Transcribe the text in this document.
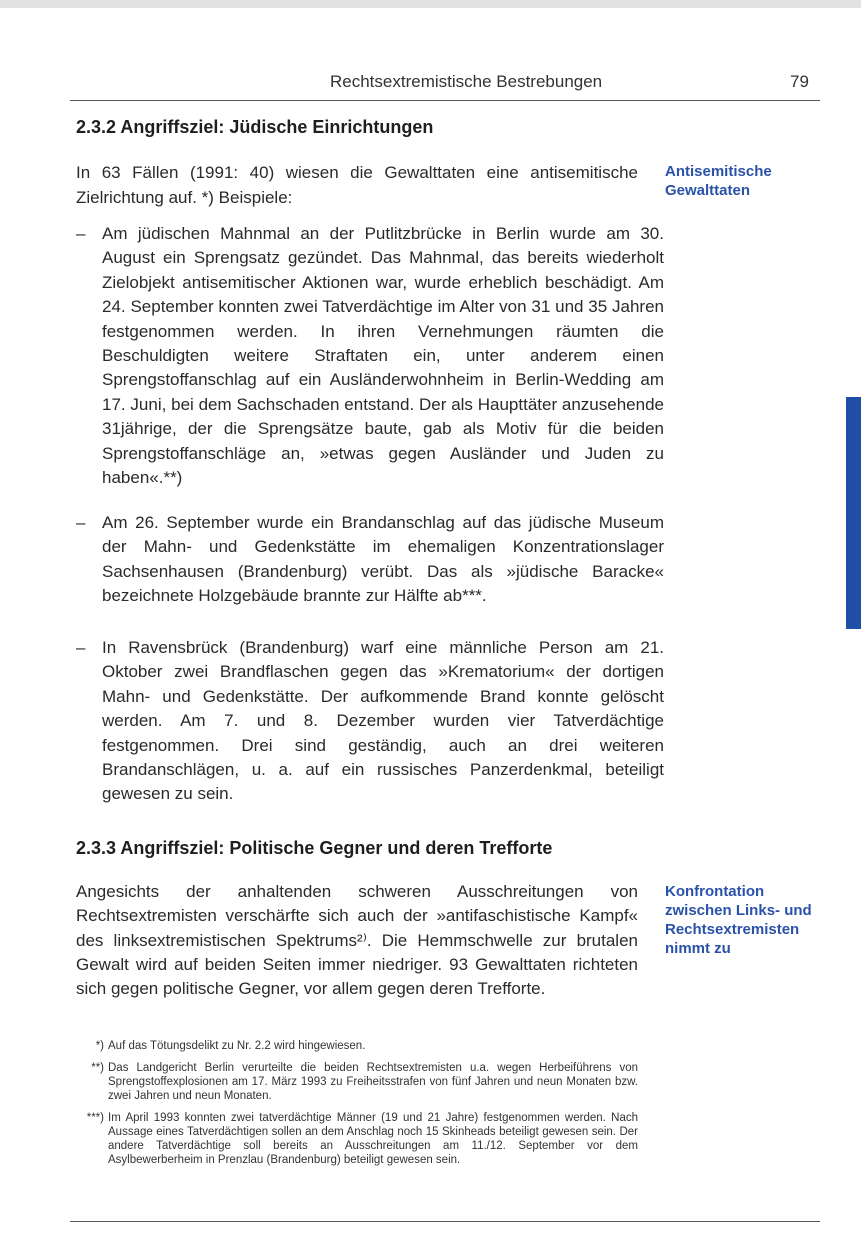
Rechtsextremistische Bestrebungen	79
2.3.2 Angriffsziel: Jüdische Einrichtungen

In 63 Fällen (1991: 40) wiesen die Gewalttaten eine antisemitische Zielrichtung auf. *) Beispiele:

Antisemitische Gewalttaten

– Am jüdischen Mahnmal an der Putlitzbrücke in Berlin wurde am 30. August ein Sprengsatz gezündet. Das Mahnmal, das bereits wiederholt Zielobjekt antisemitischer Aktionen war, wurde erheblich beschädigt. Am 24. September konnten zwei Tatverdächtige im Alter von 31 und 35 Jahren festgenommen werden. In ihren Vernehmungen räumten die Beschuldigten weitere Straftaten ein, unter anderem einen Sprengstoffanschlag auf ein Ausländerwohnheim in Berlin-Wedding am 17. Juni, bei dem Sachschaden entstand. Der als Haupttäter anzusehende 31jährige, der die Sprengsätze baute, gab als Motiv für die beiden Sprengstoffanschläge an, »etwas gegen Ausländer und Juden zu haben«.**)
– Am 26. September wurde ein Brandanschlag auf das jüdische Museum der Mahn- und Gedenkstätte im ehemaligen Konzentrationslager Sachsenhausen (Brandenburg) verübt. Das als »jüdische Baracke« bezeichnete Holzgebäude brannte zur Hälfte ab***.
– In Ravensbrück (Brandenburg) warf eine männliche Person am 21. Oktober zwei Brandflaschen gegen das »Krematorium« der dortigen Mahn- und Gedenkstätte. Der aufkommende Brand konnte gelöscht werden. Am 7. und 8. Dezember wurden vier Tatverdächtige festgenommen. Drei sind geständig, auch an drei weiteren Brandanschlägen, u. a. auf ein russisches Panzerdenkmal, beteiligt gewesen zu sein.
2.3.3 Angriffsziel: Politische Gegner und deren Trefforte

Angesichts der anhaltenden schweren Ausschreitungen von Rechtsextremisten verschärfte sich auch der »antifaschistische Kampf« des linksextremistischen Spektrums²⁾. Die Hemmschwelle zur brutalen Gewalt wird auf beiden Seiten immer niedriger. 93 Gewalttaten richteten sich gegen politische Gegner, vor allem gegen deren Trefforte.

Konfrontation zwischen Links- und Rechtsextremisten nimmt zu

*) Auf das Tötungsdelikt zu Nr. 2.2 wird hingewiesen.
**) Das Landgericht Berlin verurteilte die beiden Rechtsextremisten u.a. wegen Herbeiführens von Sprengstoffexplosionen am 17. März 1993 zu Freiheitsstrafen von fünf Jahren und neun Monaten bzw. zwei Jahren und neun Monaten.
***) Im April 1993 konnten zwei tatverdächtige Männer (19 und 21 Jahre) festgenommen werden. Nach Aussage eines Tatverdächtigen sollen an dem Anschlag noch 15 Skinheads beteiligt gewesen sein. Der andere Tatverdächtige soll bereits an Ausschreitungen am 11./12. September vor dem Asylbewerberheim in Prenzlau (Brandenburg) beteiligt gewesen sein.
